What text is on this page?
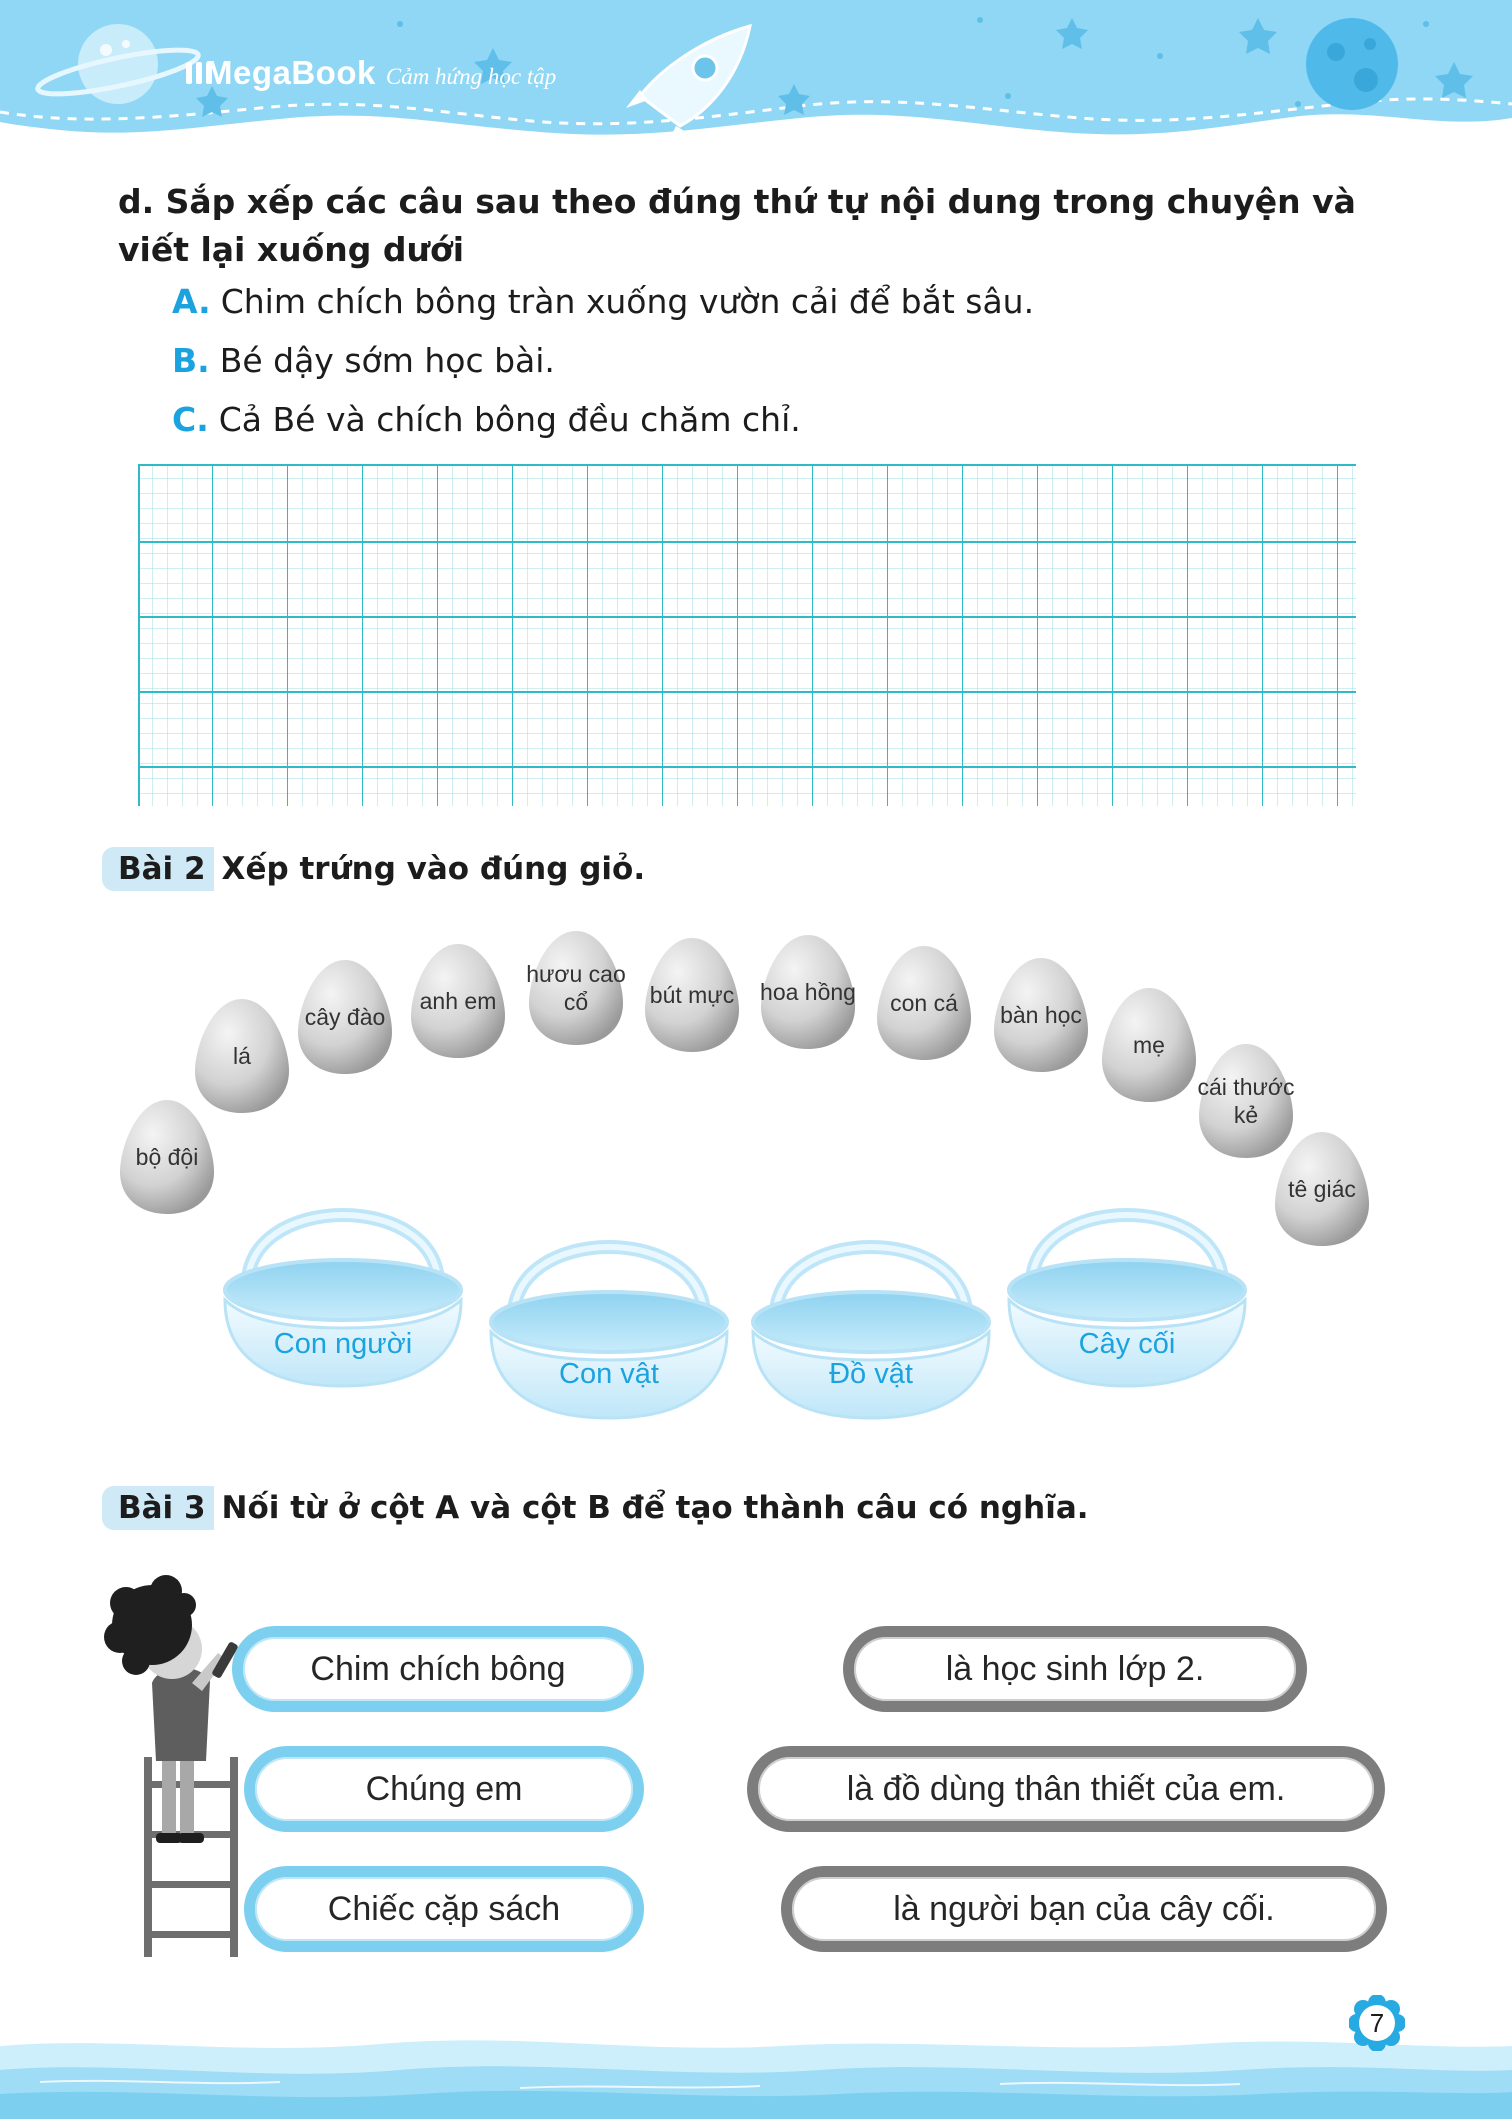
MegaBook Cảm hứng học tập
d. Sắp xếp các câu sau theo đúng thứ tự nội dung trong chuyện và viết lại xuống dưới
A. Chim chích bông tràn xuống vườn cải để bắt sâu.
B. Bé dậy sớm học bài.
C. Cả Bé và chích bông đều chăm chỉ.
Bài 2 Xếp trứng vào đúng giỏ.
bộ đội
lá
cây đào
anh em
hươu cao cổ	bút mực	hoa hồng	con cá	bàn học
mẹ
cái thước kẻ
tê giác
Con người
Con vật	Đồ vật
Cây cối
Bài 3 Nối từ ở cột A và cột B để tạo thành câu có nghĩa.
Chim chích bông
Chúng em
Chiếc cặp sách
là học sinh lớp 2.
là đồ dùng thân thiết của em.
là người bạn của cây cối.
7
